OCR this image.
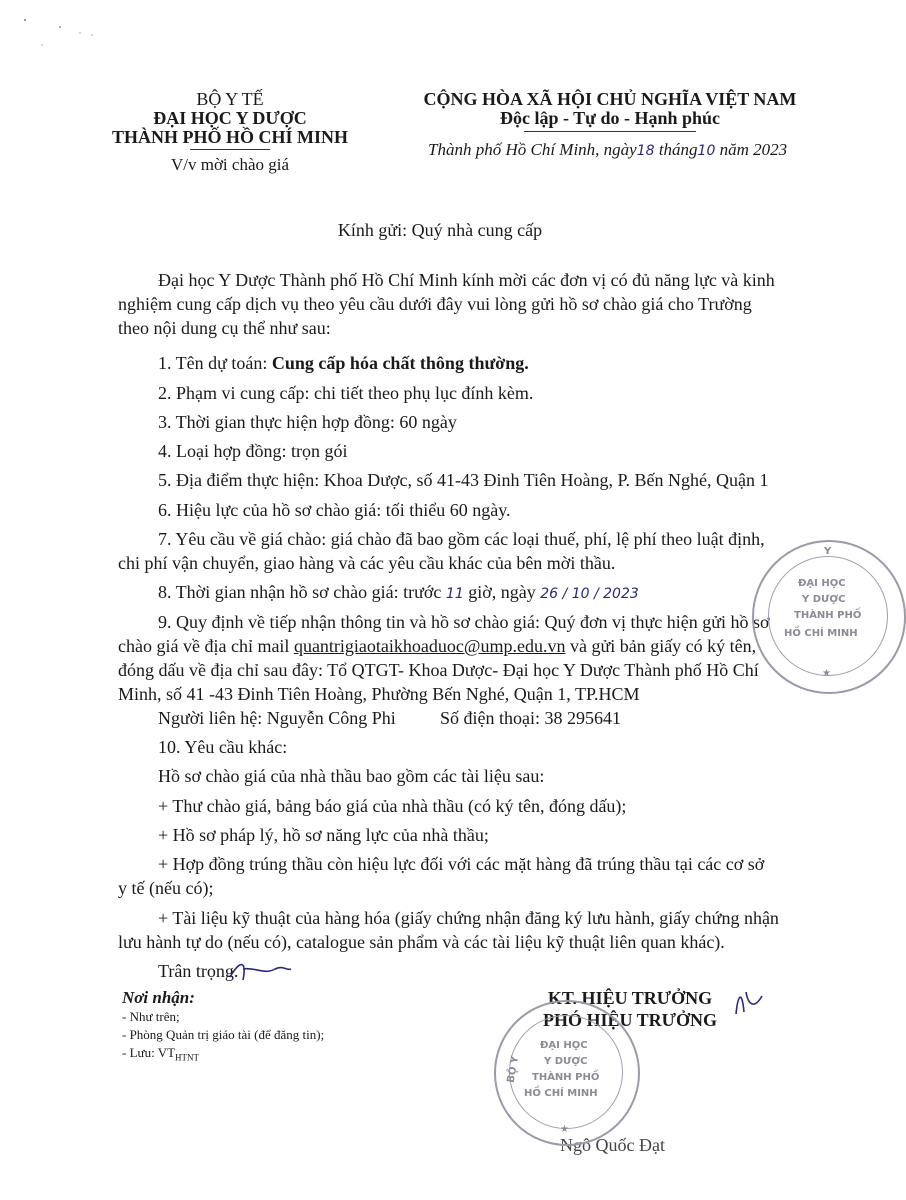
BỘ Y TẾ
ĐẠI HỌC Y DƯỢC
THÀNH PHỐ HỒ CHÍ MINH
V/v mời chào giá
CỘNG HÒA XÃ HỘI CHỦ NGHĨA VIỆT NAM
Độc lập - Tự do - Hạnh phúc
Thành phố Hồ Chí Minh, ngày18 tháng10 năm 2023
Kính gửi: Quý nhà cung cấp
Đại học Y Dược Thành phố Hồ Chí Minh kính mời các đơn vị có đủ năng lực và kinh
nghiệm cung cấp dịch vụ theo yêu cầu dưới đây vui lòng gửi hồ sơ chào giá cho Trường
theo nội dung cụ thể như sau:
1. Tên dự toán: Cung cấp hóa chất thông thường.
2. Phạm vi cung cấp: chi tiết theo phụ lục đính kèm.
3. Thời gian thực hiện hợp đồng: 60 ngày
4. Loại hợp đồng: trọn gói
5. Địa điểm thực hiện: Khoa Dược, số 41-43 Đinh Tiên Hoàng, P. Bến Nghé, Quận 1
6. Hiệu lực của hồ sơ chào giá: tối thiểu 60 ngày.
7. Yêu cầu về giá chào: giá chào đã bao gồm các loại thuế, phí, lệ phí theo luật định,
chi phí vận chuyển, giao hàng và các yêu cầu khác của bên mời thầu.
8. Thời gian nhận hồ sơ chào giá: trước 11 giờ, ngày 26 / 10 / 2023
9. Quy định về tiếp nhận thông tin và hồ sơ chào giá: Quý đơn vị thực hiện gửi hồ sơ
chào giá về địa chỉ mail quantrigiaotaikhoaduoc@ump.edu.vn và gửi bản giấy có ký tên,
đóng dấu về địa chỉ sau đây: Tổ QTGT- Khoa Dược- Đại học Y Dược Thành phố Hồ Chí
Minh, số 41 -43 Đinh Tiên Hoàng, Phường Bến Nghé, Quận 1, TP.HCM
Người liên hệ: Nguyễn Công Phi Số điện thoại: 38 295641
10. Yêu cầu khác:
Hồ sơ chào giá của nhà thầu bao gồm các tài liệu sau:
+ Thư chào giá, bảng báo giá của nhà thầu (có ký tên, đóng dấu);
+ Hồ sơ pháp lý, hồ sơ năng lực của nhà thầu;
+ Hợp đồng trúng thầu còn hiệu lực đối với các mặt hàng đã trúng thầu tại các cơ sở
y tế (nếu có);
+ Tài liệu kỹ thuật của hàng hóa (giấy chứng nhận đăng ký lưu hành, giấy chứng nhận
lưu hành tự do (nếu có), catalogue sản phẩm và các tài liệu kỹ thuật liên quan khác).
Trân trọng.
Nơi nhận:
- Như trên;
- Phòng Quản trị giáo tài (để đăng tin);
- Lưu: $VT_{HTNT}$
KT. HIỆU TRƯỞNG
PHÓ HIỆU TRƯỞNG
Ngô Quốc Đạt
Y
ĐẠI HỌC
Y DƯỢC
THÀNH PHỐ
HỒ CHÍ MINH
★
BỘ Y
ĐẠI HỌC
Y DƯỢC
THÀNH PHỐ
HỒ CHÍ MINH
★
